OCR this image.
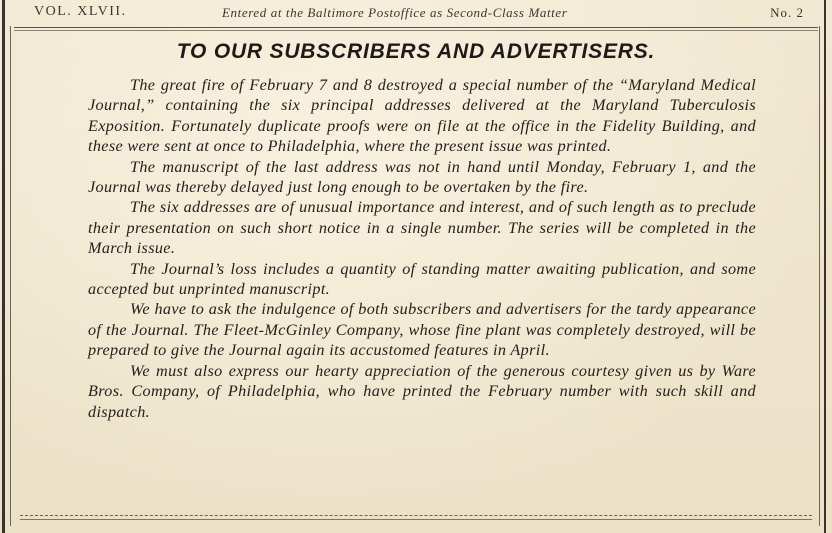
VOL. XLVII.	Entered at the Baltimore Postoffice as Second-Class Matter	No. 2
TO OUR SUBSCRIBERS AND ADVERTISERS.

The great fire of February 7 and 8 destroyed a special number of the “Maryland Medical Journal,” containing the six principal addresses delivered at the Maryland Tuberculosis Exposition. Fortunately duplicate proofs were on file at the office in the Fidelity Building, and these were sent at once to Philadelphia, where the present issue was printed.

The manuscript of the last address was not in hand until Monday, February 1, and the Journal was thereby delayed just long enough to be overtaken by the fire.

The six addresses are of unusual importance and interest, and of such length as to preclude their presentation on such short notice in a single number. The series will be completed in the March issue.

The Journal’s loss includes a quantity of standing matter awaiting publication, and some accepted but unprinted manuscript.

We have to ask the indulgence of both subscribers and advertisers for the tardy appearance of the Journal. The Fleet-McGinley Company, whose fine plant was completely destroyed, will be prepared to give the Journal again its accustomed features in April.

We must also express our hearty appreciation of the generous courtesy given us by Ware Bros. Company, of Philadelphia, who have printed the February number with such skill and dispatch.
